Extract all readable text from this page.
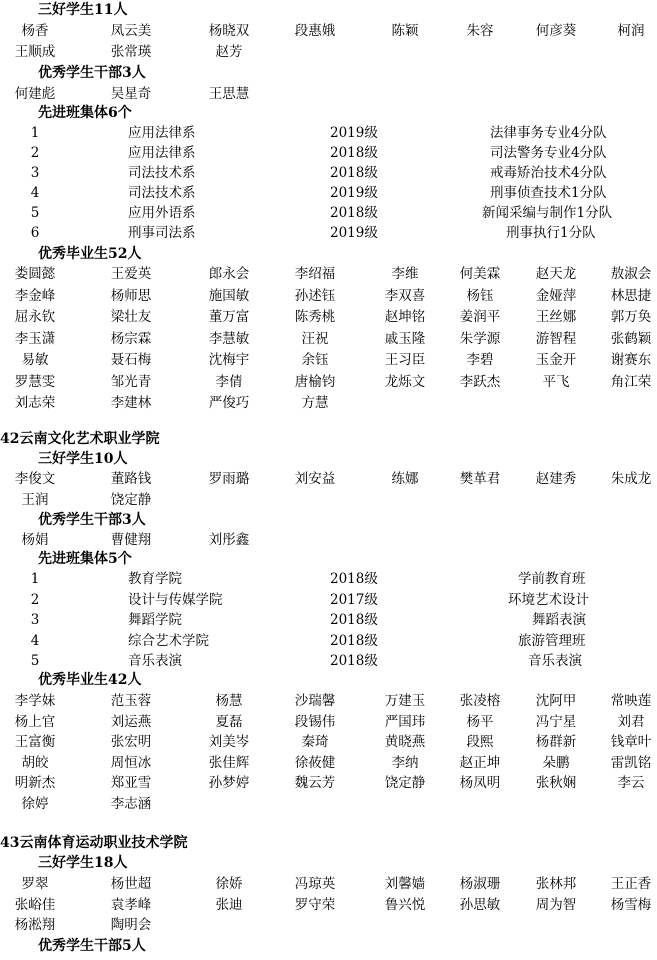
三好学生11人
杨香	凤云美	杨晓双	段惠娥	陈颖	朱容	何彦葵	柯润
王顺成	张常瑛	赵芳
优秀学生干部3人
何建彪	吴星奇	王思慧
先进班集体6个
1	应用法律系	2019级	法律事务专业4分队
2	应用法律系	2018级	司法警务专业4分队
3	司法技术系	2018级	戒毒矫治技术4分队
4	司法技术系	2019级	刑事侦查技术1分队
5	应用外语系	2018级	新闻采编与制作1分队
6	刑事司法系	2019级	刑事执行1分队
优秀毕业生52人
娄圆懿	王爱英	郎永会	李绍福	李维	何美霖	赵天龙	敖淑会
李金峰	杨师思	施国敏	孙述钰	李双喜	杨钰	金娅萍	林思捷
屈永钦	梁壮友	董万富	陈秀桃	赵坤铭	姜润平	王丝娜	郭万奂
李玉潇	杨宗霖	李慧敏	汪祝	戚玉隆	朱学源	游智程	张鹤颖
易敏	聂石梅	沈梅宇	余钰	王习臣	李碧	玉金开	谢赛东
罗慧雯	邹光青	李倩	唐榆钧	龙烁文	李跃杰	平飞	角江荣
刘志荣	李建林	严俊巧	方慧
42云南文化艺术职业学院
三好学生10人
李俊文	董路钱	罗雨璐	刘安益	练娜	樊革君	赵建秀	朱成龙
王润	饶定静
优秀学生干部3人
杨娟	曹健翔	刘彤鑫
先进班集体5个
1	教育学院	2018级	学前教育班
2	设计与传媒学院	2017级	环境艺术设计
3	舞蹈学院	2018级	舞蹈表演
4	综合艺术学院	2018级	旅游管理班
5	音乐表演	2018级	音乐表演
优秀毕业生42人
李学妹	范玉蓉	杨慧	沙瑞馨	万建玉	张凌榕	沈阿甲	常映莲
杨上官	刘运燕	夏磊	段锡伟	严国玮	杨平	冯宁星	刘君
王富衡	张宏明	刘美岑	秦琦	黄晓燕	段熙	杨群新	钱章叶
胡皎	周恒冰	张佳辉	徐莜健	李纳	赵正坤	朵鹏	雷凯铭
明新杰	郑亚雪	孙梦婷	魏云芳	饶定静	杨凤明	张秋娴	李云
徐婷	李志涵
43云南体育运动职业技术学院
三好学生18人
罗翠	杨世超	徐娇	冯琼英	刘馨嫱	杨淑珊	张林邦	王正香
张峪佳	袁孝峰	张迪	罗守荣	鲁兴悦	孙思敏	周为智	杨雪梅
杨淞翔	陶明会
优秀学生干部5人
